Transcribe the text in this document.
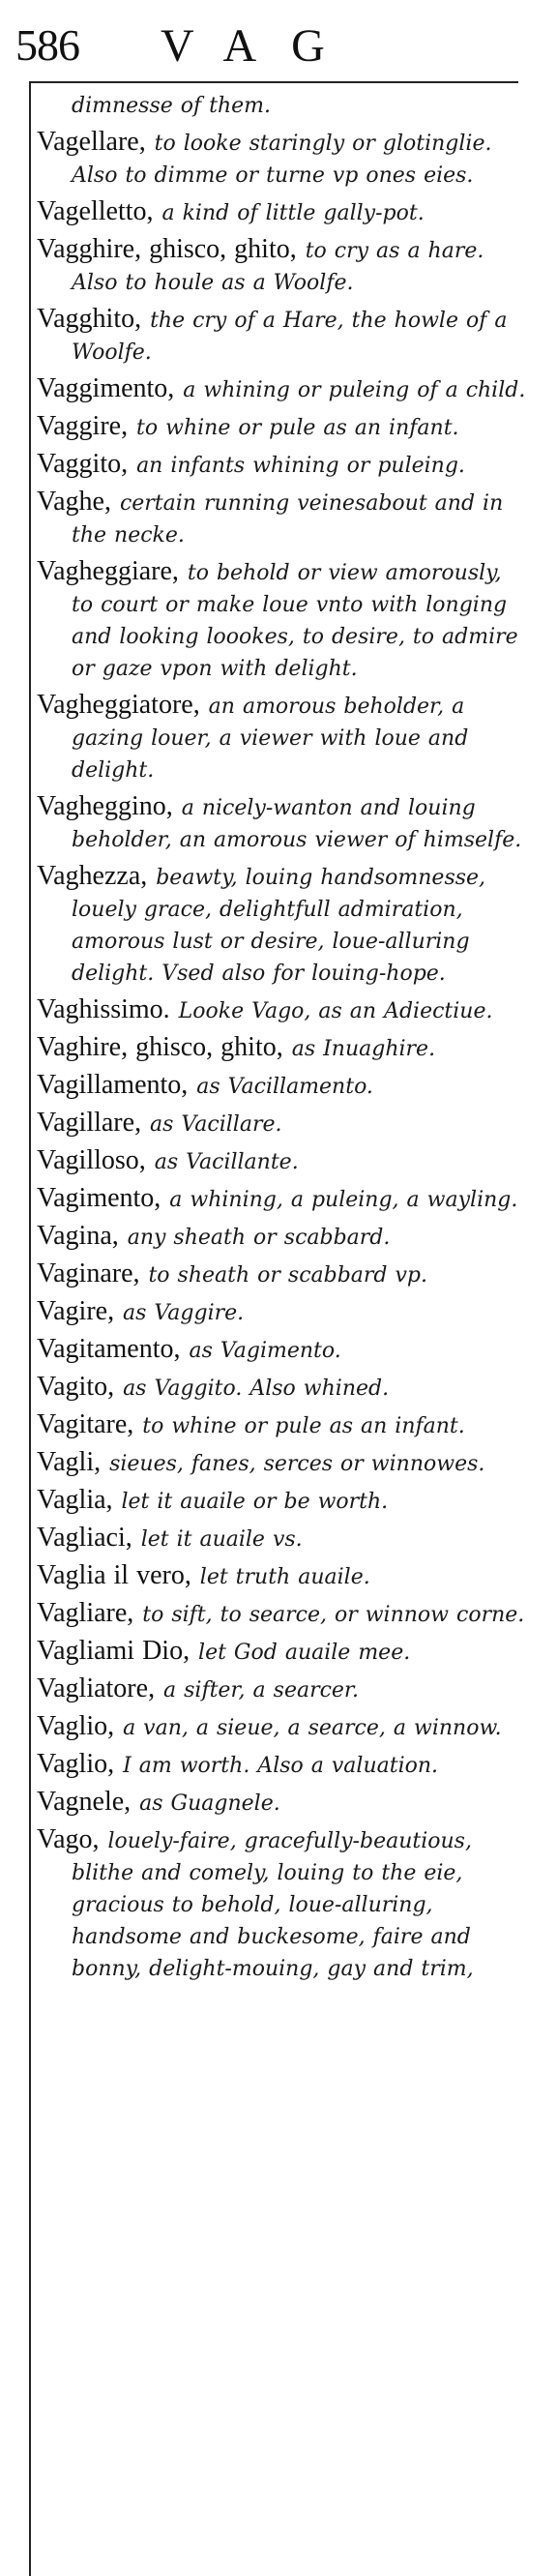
586 VAG

dimnesse of them.

Vagellare, to looke staringly or glotinglie. Also to dimme or turne vp ones eies.

Vagelletto, a kind of little gally-pot.

Vagghire, ghisco, ghito, to cry as a hare. Also to houle as a Woolfe.

Vagghito, the cry of a Hare, the howle of a Woolfe.

Vaggimento, a whining or puleing of a child.

Vaggire, to whine or pule as an infant.

Vaggito, an infants whining or puleing.

Vaghe, certain running veinesabout and in the necke.

Vagheggiare, to behold or view amorously, to court or make loue vnto with longing and looking loookes, to desire, to admire or gaze vpon with delight.

Vagheggiatore, an amorous beholder, a gazing louer, a viewer with loue and delight.

Vagheggino, a nicely-wanton and louing beholder, an amorous viewer of himselfe.

Vaghezza, beawty, louing handsomnesse, louely grace, delightfull admiration, amorous lust or desire, loue-alluring delight. Vsed also for louing-hope.

Vaghissimo. Looke Vago, as an Adiectiue.

Vaghire, ghisco, ghito, as Inuaghire.

Vagillamento, as Vacillamento.

Vagillare, as Vacillare.

Vagilloso, as Vacillante.

Vagimento, a whining, a puleing, a wayling.

Vagina, any sheath or scabbard.

Vaginare, to sheath or scabbard vp.

Vagire, as Vaggire.

Vagitamento, as Vagimento.

Vagito, as Vaggito. Also whined.

Vagitare, to whine or pule as an infant.

Vagli, sieues, fanes, serces or winnowes.

Vaglia, let it auaile or be worth.

Vagliaci, let it auaile vs.

Vaglia il vero, let truth auaile.

Vagliare, to sift, to searce, or winnow corne.

Vagliami Dio, let God auaile mee.

Vagliatore, a sifter, a searcer.

Vaglio, a van, a sieue, a searce, a winnow.

Vaglio, I am worth. Also a valuation.

Vagnele, as Guagnele.

Vago, louely-faire, gracefully-beautious, blithe and comely, louing to the eie, gracious to behold, loue-alluring, handsome and buckesome, faire and bonny, delight-mouing, gay and trim,
